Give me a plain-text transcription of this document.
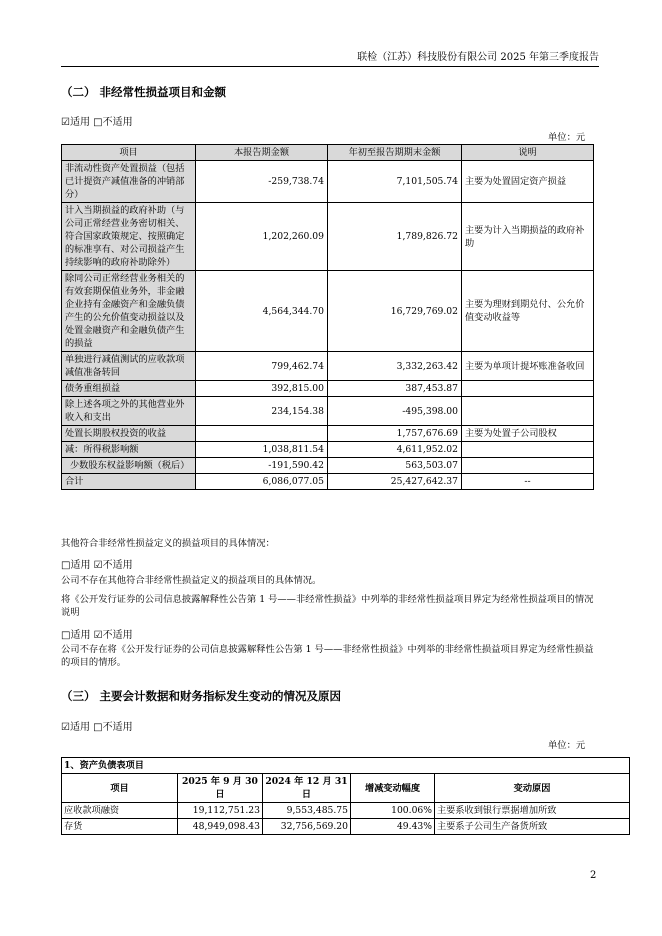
联检（江苏）科技股份有限公司 2025 年第三季度报告
（二） 非经常性损益项目和金额
☑适用 □不适用
单位：元
项目	本报告期金额	年初至报告期期末金额	说明
非流动性资产处置损益（包括已计提资产减值准备的冲销部分）	-259,738.74	7,101,505.74	主要为处置固定资产损益
计入当期损益的政府补助（与公司正常经营业务密切相关、符合国家政策规定、按照确定的标准享有、对公司损益产生持续影响的政府补助除外）	1,202,260.09	1,789,826.72	主要为计入当期损益的政府补助
除同公司正常经营业务相关的有效套期保值业务外，非金融企业持有金融资产和金融负债产生的公允价值变动损益以及处置金融资产和金融负债产生的损益	4,564,344.70	16,729,769.02	主要为理财到期兑付、公允价值变动收益等
单独进行减值测试的应收款项减值准备转回	799,462.74	3,332,263.42	主要为单项计提坏账准备收回
债务重组损益	392,815.00	387,453.87	
除上述各项之外的其他营业外收入和支出	234,154.38	-495,398.00	
处置长期股权投资的收益		1,757,676.69	主要为处置子公司股权
减：所得税影响额	1,038,811.54	4,611,952.02	
少数股东权益影响额（税后）	-191,590.42	563,503.07	
合计	6,086,077.05	25,427,642.37	--
其他符合非经常性损益定义的损益项目的具体情况：
□适用 ☑不适用
公司不存在其他符合非经常性损益定义的损益项目的具体情况。
将《公开发行证券的公司信息披露解释性公告第 1 号——非经常性损益》中列举的非经常性损益项目界定为经常性损益项目的情况说明
□适用 ☑不适用
公司不存在将《公开发行证券的公司信息披露解释性公告第 1 号——非经常性损益》中列举的非经常性损益项目界定为经常性损益的项目的情形。
（三） 主要会计数据和财务指标发生变动的情况及原因
☑适用 □不适用
单位：元
1、资产负债表项目				
项目	2025 年 9 月 30 日	2024 年 12 月 31 日	增减变动幅度	变动原因
应收款项融资	19,112,751.23	9,553,485.75	100.06%	主要系收到银行票据增加所致
存货	48,949,098.43	32,756,569.20	49.43%	主要系子公司生产备货所致
2
